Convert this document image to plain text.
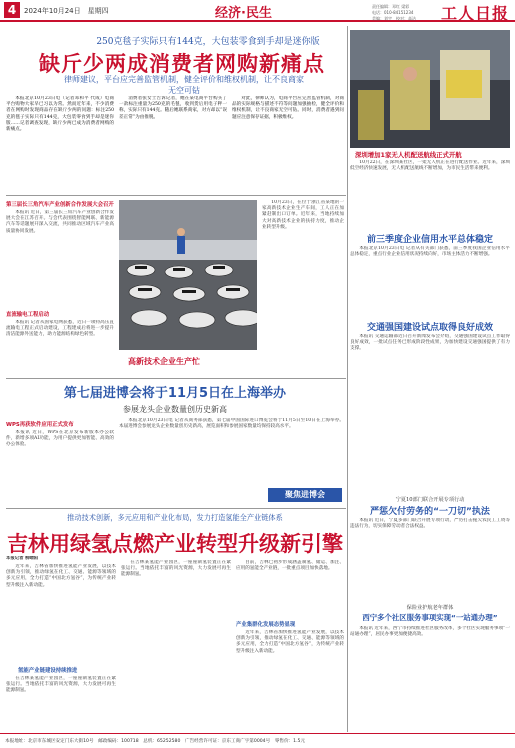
4	2024年10月24日　星期四	经济·民生	责任编辑：邓红 梁彩
电话：010-84151234
美编：刘宇　校对：高洁 工人日报
250克毯子实际只有144克，大包装零食到手却是迷你版
缺斤少两成消费者网购新痛点
律师建议，平台应完善监管机制，健全评价和维权机制，让不良商家无空可钻

本报北京10月23日电（记者邓和平 代成）电商平台购物大家早已习以为常。然而近年来，不少消费者在网购时发现商品存在缺斤少两的问题：标注250克的毯子实际只有144克，大包装零食到手却是迷你版……记者调查发现，缺斤少两已成为消费者网购的新痛点。

消费者张女士告诉记者，她在某电商平台购买了一款标注重量为250克的毛毯，收到货后用电子秤一称，实际只有144克。随后她联系商家，对方却以“误差正常”为由推脱。

对此，律师认为，电商平台应完善监管机制，对商品的实际规格与描述不符等问题加强抽检，健全评价和维权机制，让不良商家无空可钻。同时，消费者遇到问题应注意保存证据，积极维权。

第三届长三角汽车产业创新合作发展大会召开

本报讯 近日，第三届长三角汽车产业创新合作发展大会在江苏召开。与会代表围绕智能网联、新能源汽车等话题展开深入交流，共同推动区域汽车产业高质量协同发展。

直流输电工程启动

本报讯 记者从国家电网获悉，近日一项特高压直流输电工程正式启动建设，工程建成后将进一步提升清洁能源外送能力，助力能源结构绿色转型。

WPS再获软件应用正式发布

本报讯 近日，WPS在北京发布新版本办公软件，新增多项AI功能，为用户提供更加智能、高效的办公体验。

高新技术企业生产忙

10月23日，在位于浙江省某地的一家高新技术企业生产车间，工人正在加紧赶制出口订单。近年来，当地持续加大对高新技术企业的扶持力度，推动企业转型升级。

深圳增加1家无人机配送航线正式开航

10月22日，在深圳某社区，一架无人机正在进行配送作业。近年来，深圳低空经济快速发展，无人机配送航线不断增加，为市民生活带来便利。

前三季度企业信用水平总体稳定

本报北京10月23日电 记者从有关部门获悉，前三季度我国企业信用水平总体稳定，重点行业企业信用状况持续向好，市场主体活力不断增强。

交通强国建设试点取得良好成效

本报讯 交通运输部近日召开新闻发布会介绍，交通强国建设试点工作取得良好成效，一批试点任务已形成阶段性成果，为加快建设交通强国提供了有力支撑。

宁夏10部门联合开展专项行动
严惩欠付劳务的“一刀切”执法

本报讯 近日，宁夏多部门联合开展专项行动，严厉打击拖欠农民工工资等违法行为，切实保障劳动者合法权益。

保险业护航老年群体
西宁多个社区服务事项实现“一站通办理”

本报讯 近年来，西宁市持续推进社区服务改革，多个社区实现服务事项“一站通办理”，居民办事更加便捷高效。

第七届进博会将于11月5日在上海举办
参展龙头企业数量创历史新高

本报北京10月23日电 记者从商务部获悉，第七届中国国际进口博览会将于11月5日至10日在上海举办。本届进博会参展龙头企业数量创历史新高，展览面积和参展国家数量均保持较高水平。

聚焦进博会
推动技术创新，多元应用和产业化布局，发力打造氢能全产业链体系
吉林用绿氢点燃产业转型升级新引擎
本报记者 柳晴阳

近年来，吉林省加快推进氢能产业发展，以技术创新为引领，推动绿氢在化工、交通、能源等领域的多元应用，全力打造“中国北方氢谷”，为传统产业转型升级注入新动能。

氢能产业链建设持续推进

在吉林某氢能产业园区，一座座制氢装置正在紧张运行。当地依托丰富的风光资源，大力发展可再生能源制氢。

在吉林某氢能产业园区，一座座制氢装置正在紧张运行。当地依托丰富的风光资源，大力发展可再生能源制氢。

产业集群化发展态势显现

目前，吉林已初步形成涵盖制氢、储运、加注、应用的氢能全产业链，一批重点项目加快落地。

近年来，吉林省加快推进氢能产业发展，以技术创新为引领，推动绿氢在化工、交通、能源等领域的多元应用，全力打造“中国北方氢谷”，为传统产业转型升级注入新动能。

本报地址：北京市东城区安定门东大街10号　邮政编码：100718　总机：65252580　广告经营许可证：京东工商广字第0004号　零售价：1.5元
